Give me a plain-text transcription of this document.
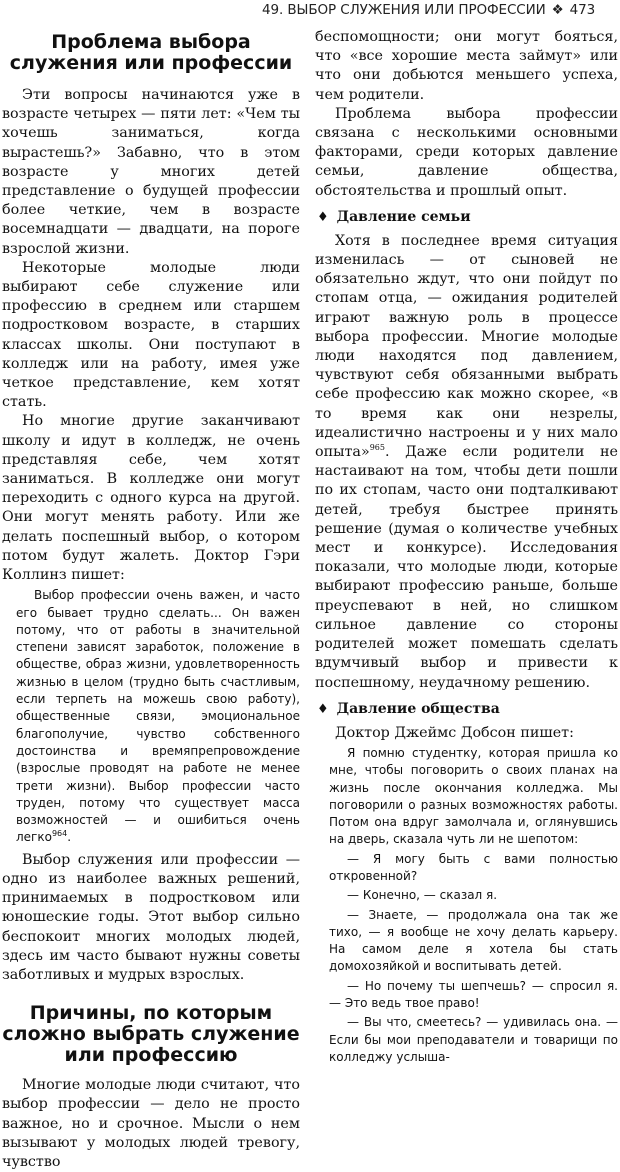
49. ВЫБОР СЛУЖЕНИЯ ИЛИ ПРОФЕССИИ ❖ 473
Проблема выбора служения или профессии

Эти вопросы начинаются уже в возрасте четырех — пяти лет: «Чем ты хочешь заниматься, когда вырастешь?» Забавно, что в этом возрасте у многих детей представление о будущей профессии более четкие, чем в возрасте восемнадцати — двадцати, на пороге взрослой жизни.

Некоторые молодые люди выбирают себе служение или профессию в среднем или старшем подростковом возрасте, в старших классах школы. Они поступают в колледж или на работу, имея уже четкое представление, кем хотят стать.

Но многие другие заканчивают школу и идут в колледж, не очень представляя себе, чем хотят заниматься. В колледже они могут переходить с одного курса на другой. Они могут менять работу. Или же делать поспешный выбор, о котором потом будут жалеть. Доктор Гэри Коллинз пишет:

Выбор профессии очень важен, и часто его бывает трудно сделать... Он важен потому, что от работы в значительной степени зависят заработок, положение в обществе, образ жизни, удовлетворенность жизнью в целом (трудно быть счастливым, если терпеть на можешь свою работу), общественные связи, эмоциональное благополучие, чувство собственного достоинства и времяпрепровождение (взрослые проводят на работе не менее трети жизни). Выбор профессии часто труден, потому что существует масса возможностей — и ошибиться очень легко$^{964}$.

Выбор служения или профессии — одно из наиболее важных решений, принимаемых в подростковом или юношеские годы. Этот выбор сильно беспокоит многих молодых людей, здесь им часто бывают нужны советы заботливых и мудрых взрослых.

Причины, по которым сложно выбрать служение или профессию

Многие молодые люди считают, что выбор профессии — дело не просто важное, но и срочное. Мысли о нем вызывают у молодых людей тревогу, чувство

беспомощности; они могут бояться, что «все хорошие места займут» или что они добьются меньшего успеха, чем родители.

Проблема выбора профессии связана с несколькими основными факторами, среди которых давление семьи, давление общества, обстоятельства и прошлый опыт.

♦ Давление семьи

Хотя в последнее время ситуация изменилась — от сыновей не обязательно ждут, что они пойдут по стопам отца, — ожидания родителей играют важную роль в процессе выбора профессии. Многие молодые люди находятся под давлением, чувствуют себя обязанными выбрать себе профессию как можно скорее, «в то время как они незрелы, идеалистично настроены и у них мало опыта»$^{965}$. Даже если родители не настаивают на том, чтобы дети пошли по их стопам, часто они подталкивают детей, требуя быстрее принять решение (думая о количестве учебных мест и конкурсе). Исследования показали, что молодые люди, которые выбирают профессию раньше, больше преуспевают в ней, но слишком сильное давление со стороны родителей может помешать сделать вдумчивый выбор и привести к поспешному, неудачному решению.

♦ Давление общества

Доктор Джеймс Добсон пишет:

Я помню студентку, которая пришла ко мне, чтобы поговорить о своих планах на жизнь после окончания колледжа. Мы поговорили о разных возможностях работы. Потом она вдруг замолчала и, оглянувшись на дверь, сказала чуть ли не шепотом:
— Я могу быть с вами полностью откровенной?
— Конечно, — сказал я.
— Знаете, — продолжала она так же тихо, — я вообще не хочу делать карьеру. На самом деле я хотела бы стать домохозяйкой и воспитывать детей.
— Но почему ты шепчешь? — спросил я. — Это ведь твое право!
— Вы что, смеетесь? — удивилась она. — Если бы мои преподаватели и товарищи по колледжу услыша-
